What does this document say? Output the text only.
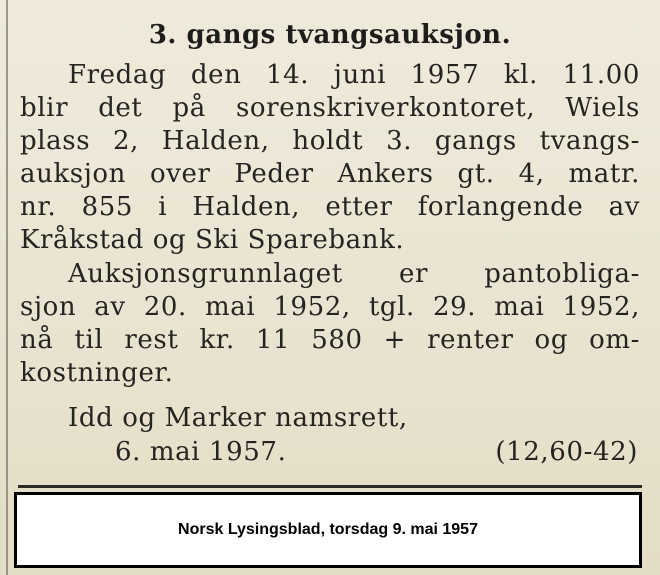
3. gangs tvangsauksjon.
Fredag den 14. juni 1957 kl. 11.00
blir det på sorenskriverkontoret, Wiels
plass 2, Halden, holdt 3. gangs tvangs-
auksjon over Peder Ankers gt. 4, matr.
nr. 855 i Halden, etter forlangende av
Kråkstad og Ski Sparebank.
Auksjonsgrunnlaget er pantobliga-
sjon av 20. mai 1952, tgl. 29. mai 1952,
nå til rest kr. 11 580 + renter og om-
kostninger.
Idd og Marker namsrett,
6. mai 1957.	(12,60-42)
Norsk Lysingsblad, torsdag 9. mai 1957
